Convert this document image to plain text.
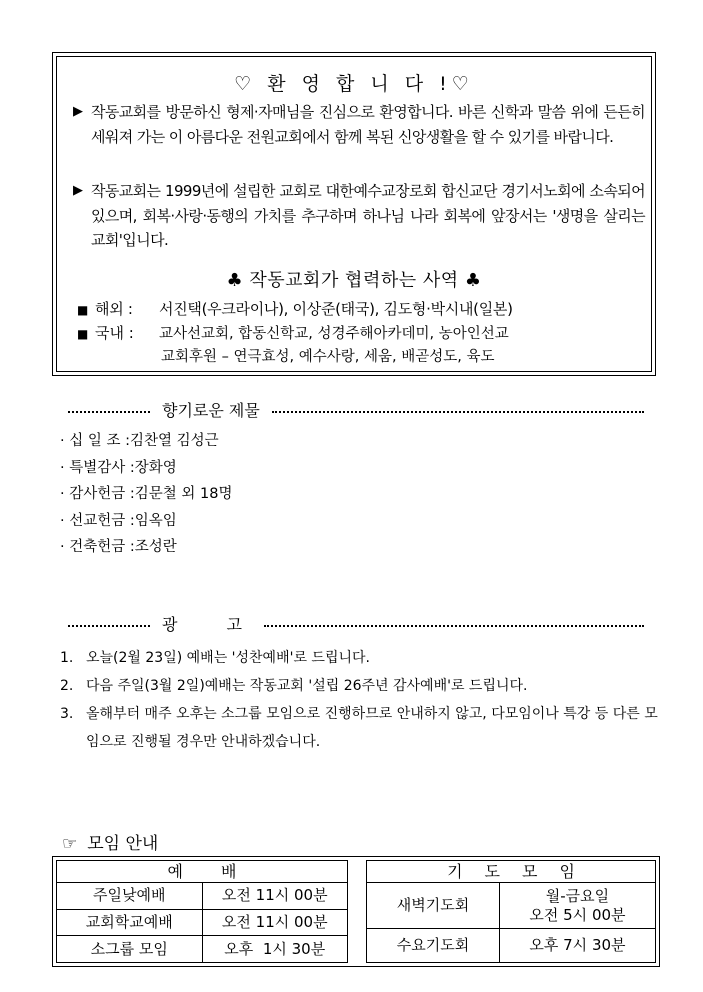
♡ 환 영 합 니 다 !♡
▶ 작동교회를 방문하신 형제·자매님을 진심으로 환영합니다. 바른 신학과 말씀 위에 든든히 세워져 가는 이 아름다운 전원교회에서 함께 복된 신앙생활을 할 수 있기를 바랍니다.
▶ 작동교회는 1999년에 설립한 교회로 대한예수교장로회 합신교단 경기서노회에 소속되어 있으며, 회복·사랑·동행의 가치를 추구하며 하나님 나라 회복에 앞장서는 '생명을 살리는 교회'입니다.
♣ 작동교회가 협력하는 사역 ♣
■ 해외 : 서진택(우크라이나), 이상준(태국), 김도형·박시내(일본)
■ 국내 : 교사선교회, 합동신학교, 성경주해아카데미, 농아인선교
교회후원 – 연극효성, 예수사랑, 세움, 배곧성도, 육도
향기로운 제물
· 십 일 조 :김찬열 김성근
· 특별감사 :장화영
· 감사헌금 :김문철 외 18명
· 선교헌금 :임옥임
· 건축헌금 :조성란
광 고
1. 오늘(2월 23일) 예배는 '성찬예배'로 드립니다.
2. 다음 주일(3월 2일)예배는 작동교회 '설립 26주년 감사예배'로 드립니다.
3. 올해부터 매주 오후는 소그룹 모임으로 진행하므로 안내하지 않고, 다모임이나 특강 등 다른 모임으로 진행될 경우만 안내하겠습니다.
☞ 모임 안내
예배	
주일낮예배	오전 11시 00분
교회학교예배	오전 11시 00분
소그룹 모임	오후  1시 30분
기도모임	
새벽기도회	월-금요일
오전 5시 00분

수요기도회	오후 7시 30분
